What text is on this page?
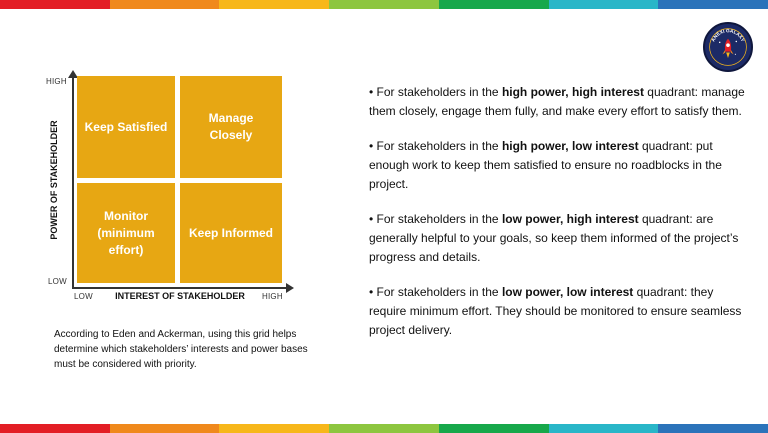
ANEXI GALAXY
POWER OF STAKEHOLDER
HIGH
LOW
Keep Satisfied
Manage Closely
Monitor (minimum effort)
Keep Informed
LOW	INTEREST OF STAKEHOLDER	HIGH
According to Eden and Ackerman, using this grid helps determine which stakeholders’ interests and power bases must be considered with priority.

• For stakeholders in the high power, high interest quadrant: manage them closely, engage them fully, and make every effort to satisfy them.

• For stakeholders in the high power, low interest quadrant: put enough work to keep them satisfied to ensure no roadblocks in the project.

• For stakeholders in the low power, high interest quadrant: are generally helpful to your goals, so keep them informed of the project’s progress and details.

• For stakeholders in the low power, low interest quadrant: they require minimum effort. They should be monitored to ensure seamless project delivery.
